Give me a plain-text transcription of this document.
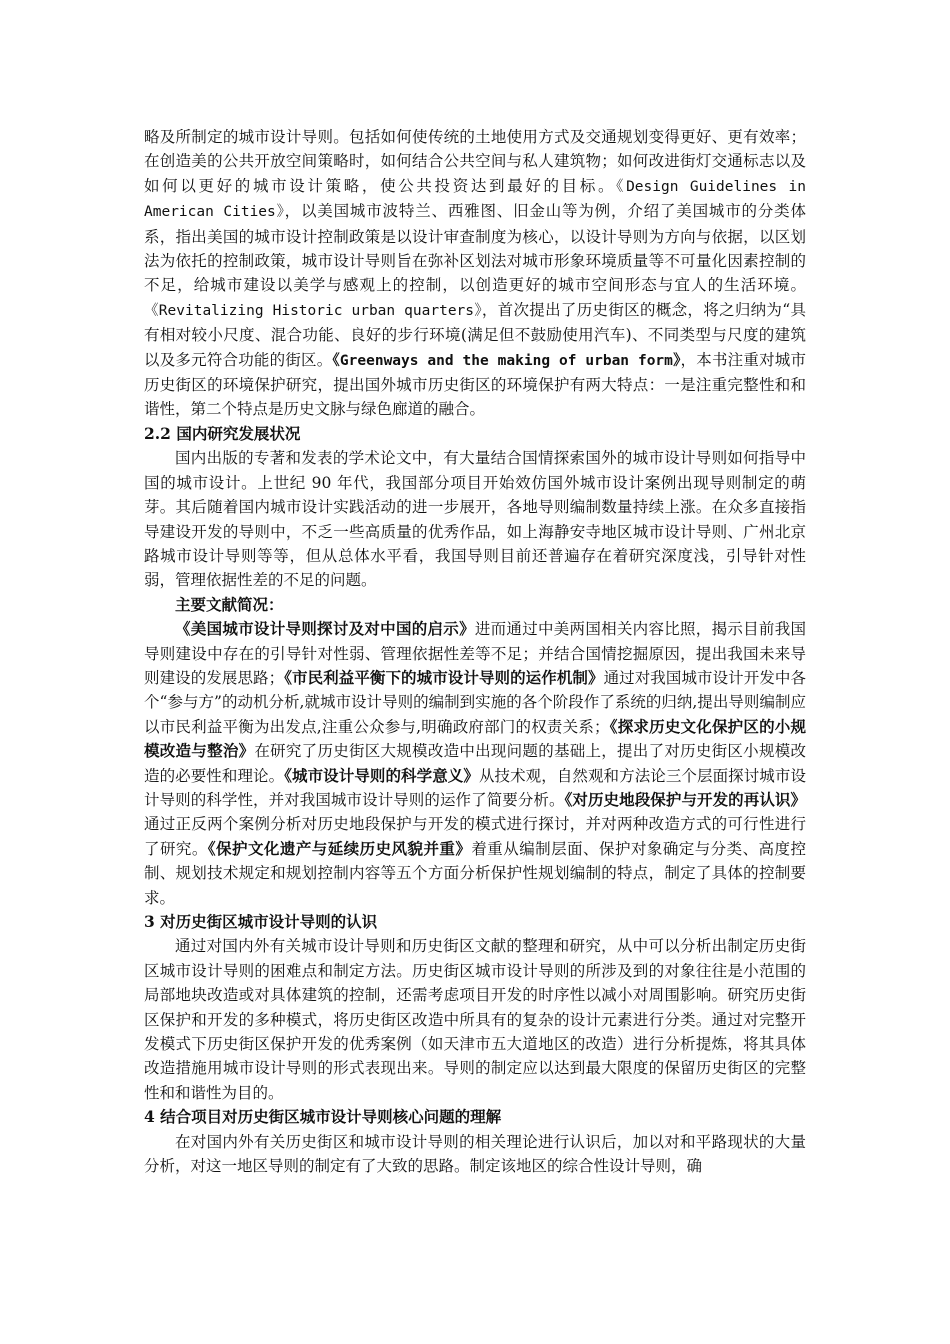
略及所制定的城市设计导则。包括如何使传统的土地使用方式及交通规划变得更好、更有效率；在创造美的公共开放空间策略时，如何结合公共空间与私人建筑物；如何改进街灯交通标志以及如何以更好的城市设计策略，使公共投资达到最好的目标。《Design Guidelines in American Cities》，以美国城市波特兰、西雅图、旧金山等为例，介绍了美国城市的分类体系，指出美国的城市设计控制政策是以设计审查制度为核心，以设计导则为方向与依据，以区划法为依托的控制政策，城市设计导则旨在弥补区划法对城市形象环境质量等不可量化因素控制的不足，给城市建设以美学与感观上的控制，以创造更好的城市空间形态与宜人的生活环境。《Revitalizing Historic urban quarters》，首次提出了历史街区的概念，将之归纳为“具有相对较小尺度、混合功能、良好的步行环境(满足但不鼓励使用汽车)、不同类型与尺度的建筑以及多元符合功能的街区。《Greenways and the making of urban form》，本书注重对城市历史街区的环境保护研究，提出国外城市历史街区的环境保护有两大特点：一是注重完整性和和谐性，第二个特点是历史文脉与绿色廊道的融合。

2.2 国内研究发展状况

国内出版的专著和发表的学术论文中，有大量结合国情探索国外的城市设计导则如何指导中国的城市设计。上世纪 90 年代，我国部分项目开始效仿国外城市设计案例出现导则制定的萌芽。其后随着国内城市设计实践活动的进一步展开，各地导则编制数量持续上涨。在众多直接指导建设开发的导则中，不乏一些高质量的优秀作品，如上海静安寺地区城市设计导则、广州北京路城市设计导则等等，但从总体水平看，我国导则目前还普遍存在着研究深度浅，引导针对性弱，管理依据性差的不足的问题。

主要文献简况：

《美国城市设计导则探讨及对中国的启示》进而通过中美两国相关内容比照，揭示目前我国导则建设中存在的引导针对性弱、管理依据性差等不足；并结合国情挖掘原因，提出我国未来导则建设的发展思路；《市民利益平衡下的城市设计导则的运作机制》通过对我国城市设计开发中各个“参与方”的动机分析,就城市设计导则的编制到实施的各个阶段作了系统的归纳,提出导则编制应以市民利益平衡为出发点,注重公众参与,明确政府部门的权责关系；《探求历史文化保护区的小规模改造与整治》在研究了历史街区大规模改造中出现问题的基础上，提出了对历史街区小规模改造的必要性和理论。《城市设计导则的科学意义》从技术观，自然观和方法论三个层面探讨城市设计导则的科学性，并对我国城市设计导则的运作了简要分析。《对历史地段保护与开发的再认识》通过正反两个案例分析对历史地段保护与开发的模式进行探讨，并对两种改造方式的可行性进行了研究。《保护文化遗产与延续历史风貌并重》着重从编制层面、保护对象确定与分类、高度控制、规划技术规定和规划控制内容等五个方面分析保护性规划编制的特点，制定了具体的控制要求。

3 对历史街区城市设计导则的认识

通过对国内外有关城市设计导则和历史街区文献的整理和研究，从中可以分析出制定历史街区城市设计导则的困难点和制定方法。历史街区城市设计导则的所涉及到的对象往往是小范围的局部地块改造或对具体建筑的控制，还需考虑项目开发的时序性以减小对周围影响。研究历史街区保护和开发的多种模式，将历史街区改造中所具有的复杂的设计元素进行分类。通过对完整开发模式下历史街区保护开发的优秀案例（如天津市五大道地区的改造）进行分析提炼，将其具体改造措施用城市设计导则的形式表现出来。导则的制定应以达到最大限度的保留历史街区的完整性和和谐性为目的。

4 结合项目对历史街区城市设计导则核心问题的理解

在对国内外有关历史街区和城市设计导则的相关理论进行认识后，加以对和平路现状的大量分析，对这一地区导则的制定有了大致的思路。制定该地区的综合性设计导则，确
